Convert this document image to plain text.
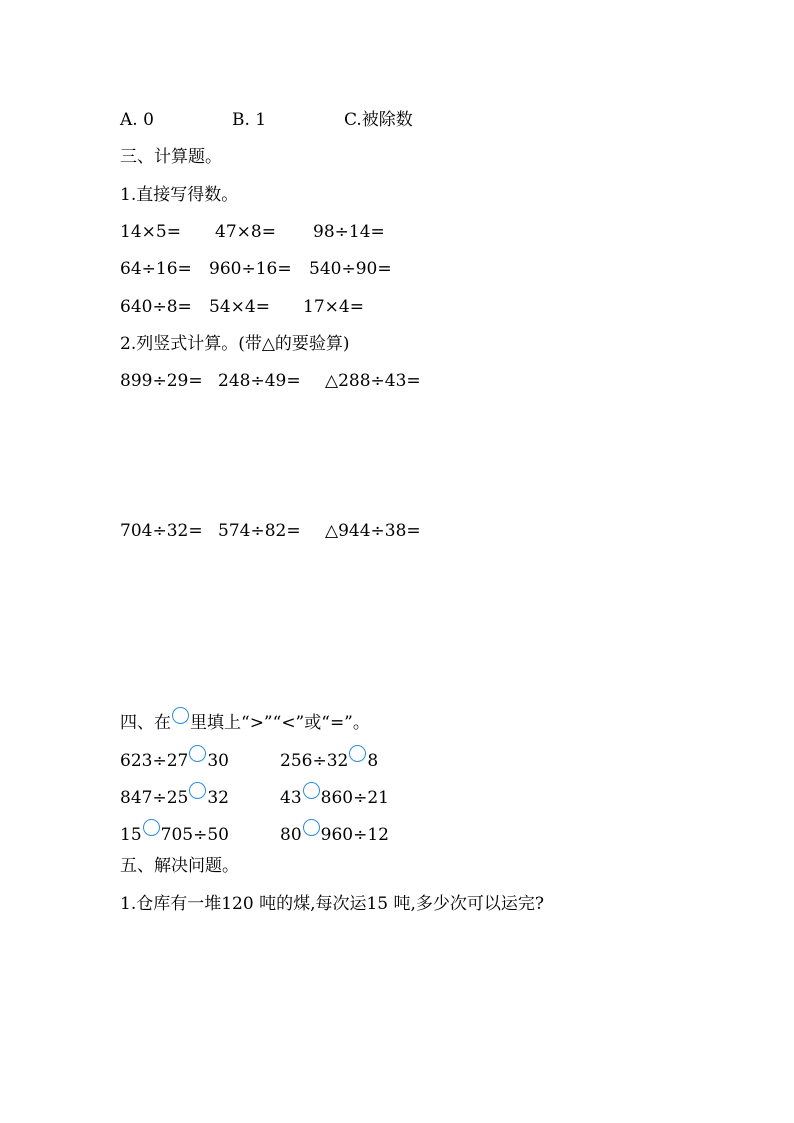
A. 0	B. 1	C.被除数
三、计算题。
1.直接写得数。
14×5= 47×8= 98÷14=
64÷16= 960÷16= 540÷90=
640÷8= 54×4= 17×4=
2.列竖式计算。(带△的要验算)
899÷29= 248÷49= △288÷43=
704÷32= 574÷82= △944÷38=
四、在 里填上“>”“<”或“=”。
623÷27 30	256÷32 8
847÷25 32	43 860÷21
15 705÷50	80 960÷12
五、解决问题。
1.仓库有一堆120 吨的煤,每次运15 吨,多少次可以运完?
